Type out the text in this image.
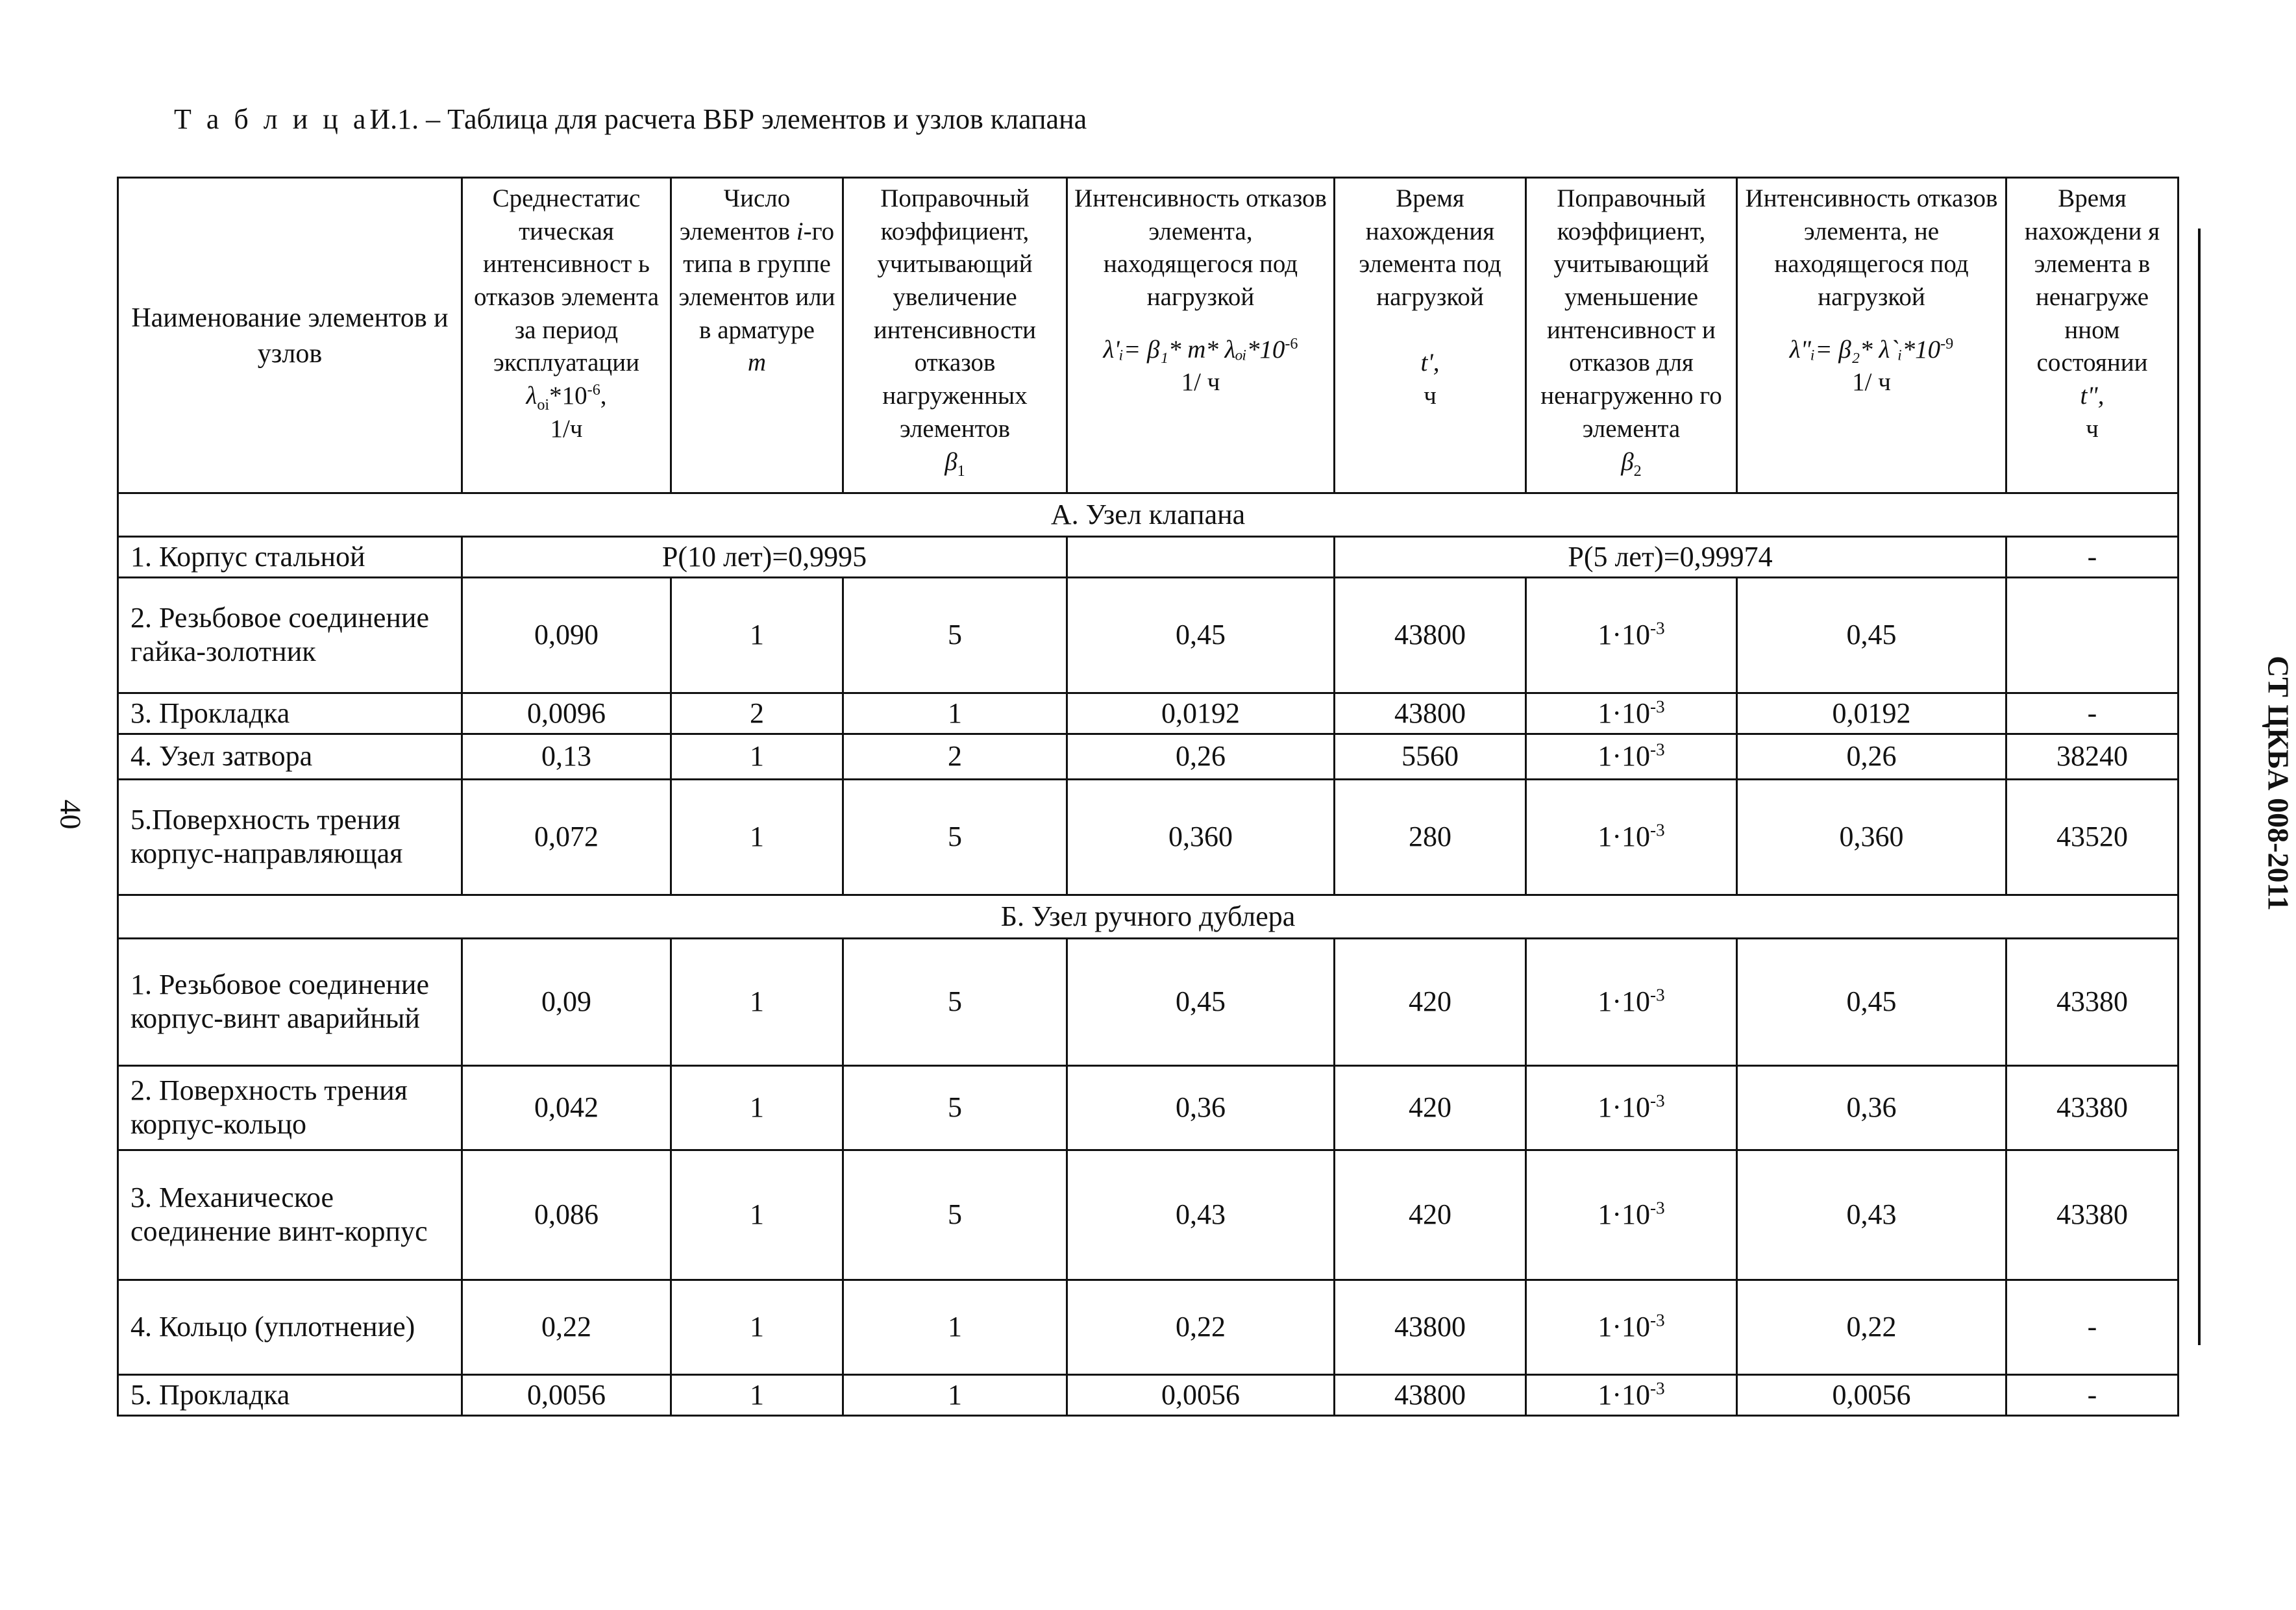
Т а б л и ц аИ.1. – Таблица для расчета ВБР элементов и узлов клапана
40	СТ ЦКБА 008-2011
Наименование элементов и узлов	Среднестатис тическая интенсивност ь отказов элемента за период эксплуатации
$\lambda_{oi}*10^{-6}$,
1/ч	Число элементов i-го типа в группе элементов или в арматуре
m	Поправочный коэффициент, учитывающий увеличение интенсивности отказов нагруженных элементов
$\beta_1$	Интенсивность отказов элемента, находящегося под нагрузкой
λ'ᵢ= β₁* m* $\lambda_oᵢ*10^{-6}$
1/ ч	Время нахождения элемента под нагрузкой

t',
ч	Поправочный коэффициент, учитывающий уменьшение интенсивност и отказов для ненагруженно го элемента
$\beta_2$	Интенсивность отказов элемента, не находящегося под нагрузкой
λ"ᵢ= β₂* $\lambda`ᵢ*10^{-9}$
1/ ч	Время нахождени я элемента в ненагруже нном состоянии
t",
ч
А. Узел клапана								
1. Корпус стальной	Р(10 лет)=0,9995				Р(5 лет)=0,99974			-
2. Резьбовое соединение гайка-золотник	0,090	1	5	0,45	43800	$1\cdot 10^{-3}$	0,45	
3. Прокладка	0,0096	2	1	0,0192	43800	$1\cdot 10^{-3}$	0,0192	-
4. Узел затвора	0,13	1	2	0,26	5560	$1\cdot 10^{-3}$	0,26	38240
5.Поверхность трения корпус-направляющая	0,072	1	5	0,360	280	$1\cdot 10^{-3}$	0,360	43520
Б. Узел ручного дублера								
1. Резьбовое соединение корпус-винт аварийный	0,09	1	5	0,45	420	$1\cdot 10^{-3}$	0,45	43380
2. Поверхность трения корпус-кольцо	0,042	1	5	0,36	420	$1\cdot 10^{-3}$	0,36	43380
3. Механическое соединение винт-корпус	0,086	1	5	0,43	420	$1\cdot 10^{-3}$	0,43	43380
4. Кольцо (уплотнение)	0,22	1	1	0,22	43800	$1\cdot 10^{-3}$	0,22	-
5. Прокладка	0,0056	1	1	0,0056	43800	$1\cdot 10^{-3}$	0,0056	-
